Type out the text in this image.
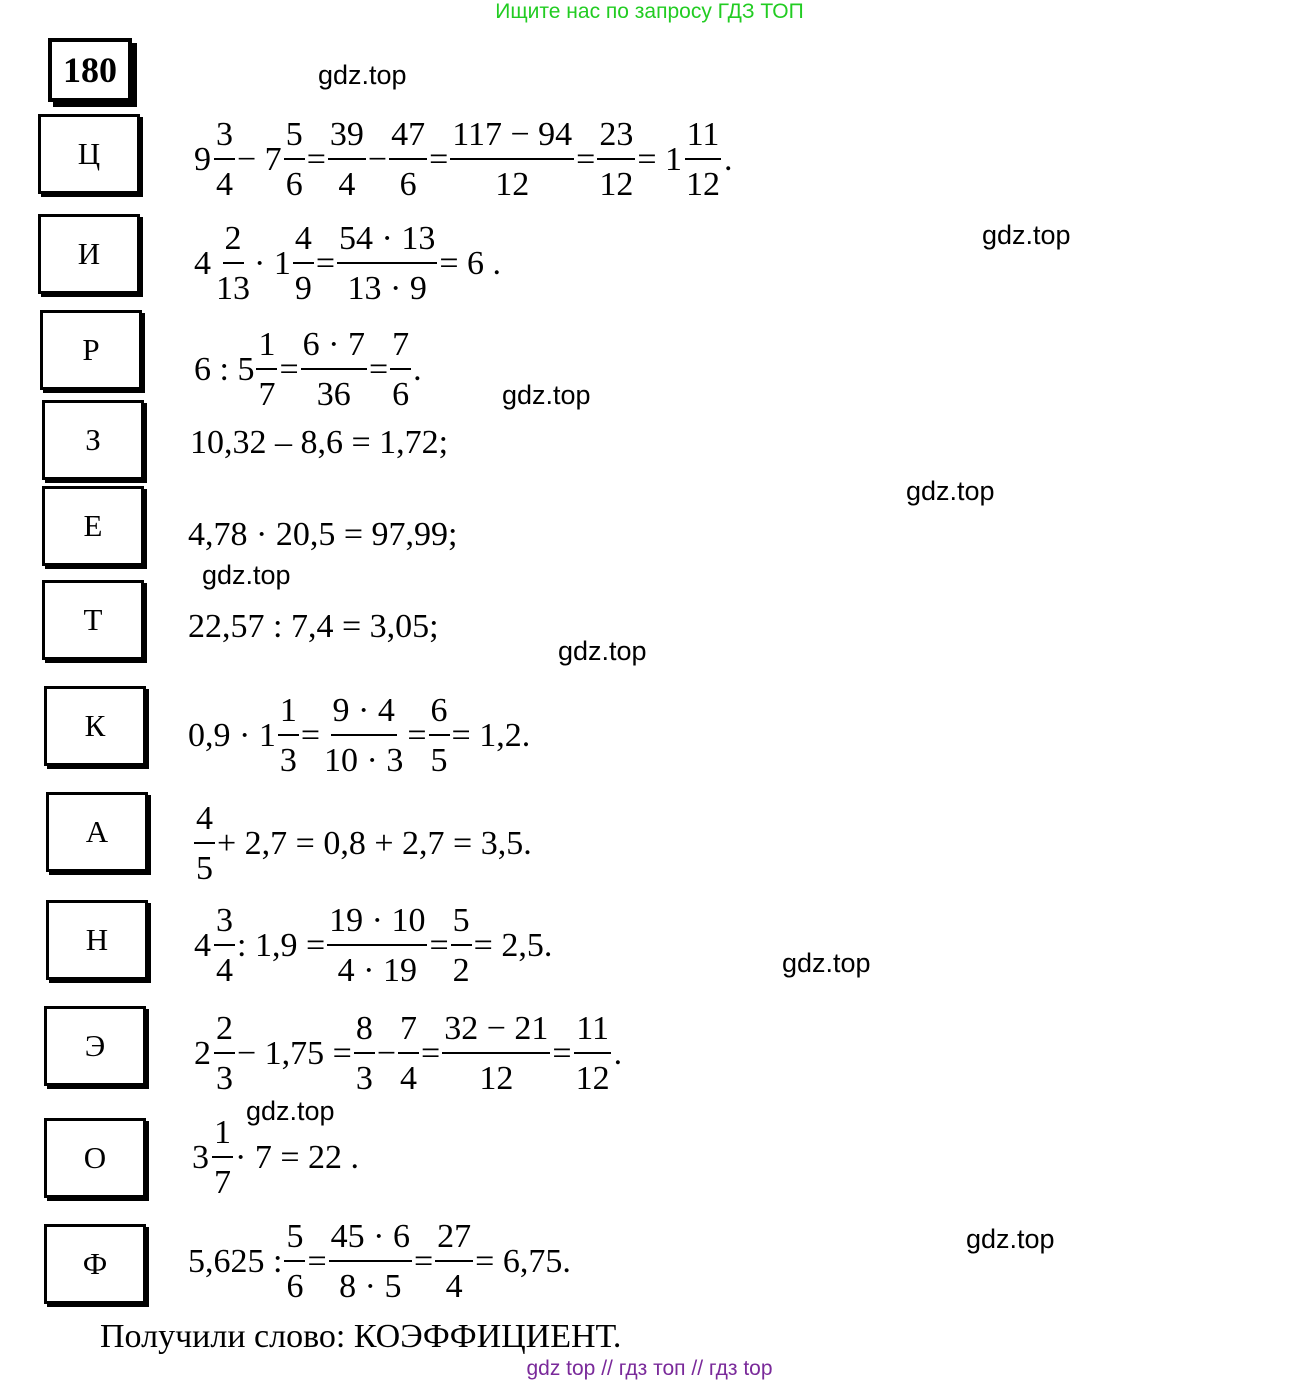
Ищите нас по запросу ГДЗ ТОП
180	gdz.top
gdz.top
gdz.top
gdz.top
gdz.top
gdz.top
gdz.top
gdz.top
gdz.top
Ц	$9 \frac{3}{4} - 7 \frac{5}{6} = \frac{39}{4} - \frac{47}{6} = \frac{117 - 94}{12} = \frac{23}{12} = 1 \frac{11}{12}$ .
И	$4 \frac{2}{13} \cdot 1 \frac{4}{9} = \frac{54 \cdot 13}{13 \cdot 9} = 6$ .
Р
6 : $5 \frac{1}{7} = \frac{6 \cdot 7}{36} = \frac{7}{6}$ .
З	10,32 – 8,6 = 1,72;
Е	4,78 · 20,5 = 97,99;
Т	22,57 : 7,4 = 3,05;
К	$0,9 \cdot 1 \frac{1}{3} = \frac{9 \cdot 4}{10 \cdot 3} = \frac{6}{5} = 1,2$.
А	$\frac{4}{5} + 2,7 = 0,8 + 2,7 = 3,5$.
Н	$4 \frac{3}{4}$ : $1,9 = \frac{19 \cdot 10}{4 \cdot 19} = \frac{5}{2} = 2,5$.
Э	$2 \frac{2}{3} - 1,75 = \frac{8}{3} - \frac{7}{4} = \frac{32 - 21}{12} = \frac{11}{12}$ .
О	$3 \frac{1}{7} \cdot 7 = 22$ .
Ф	5,625 : $\frac{5}{6} = \frac{45 \cdot 6}{8 \cdot 5} = \frac{27}{4} = 6,75$.
Получили слово: КОЭФФИЦИЕНТ.
gdz top // гдз топ // гдз top
